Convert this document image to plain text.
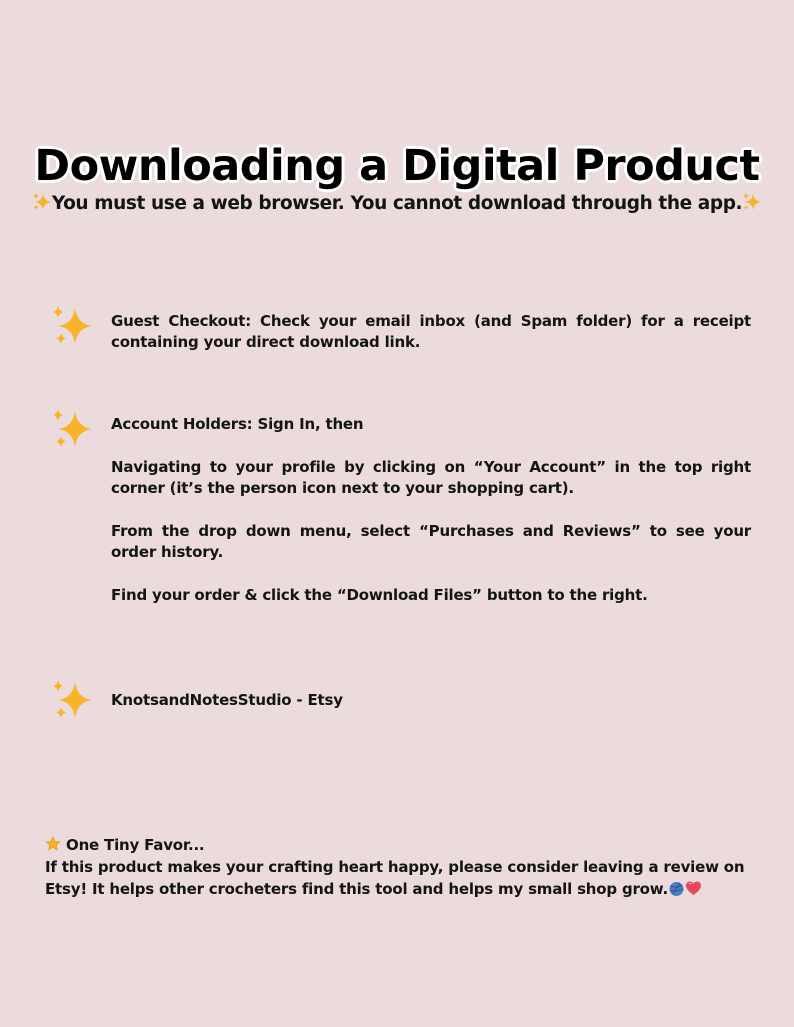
Downloading a Digital Product
You must use a web browser. You cannot download through the app.

Guest Checkout: Check your email inbox (and Spam folder) for a receipt containing your direct download link.

Account Holders: Sign In, then

Navigating to your profile by clicking on “Your Account” in the top right corner (it’s the person icon next to your shopping cart).

From the drop down menu, select “Purchases and Reviews” to see your order history.

Find your order & click the “Download Files” button to the right.

KnotsandNotesStudio - Etsy

One Tiny Favor...

If this product makes your crafting heart happy, please consider leaving a review on Etsy! It helps other crocheters find this tool and helps my small shop grow.
